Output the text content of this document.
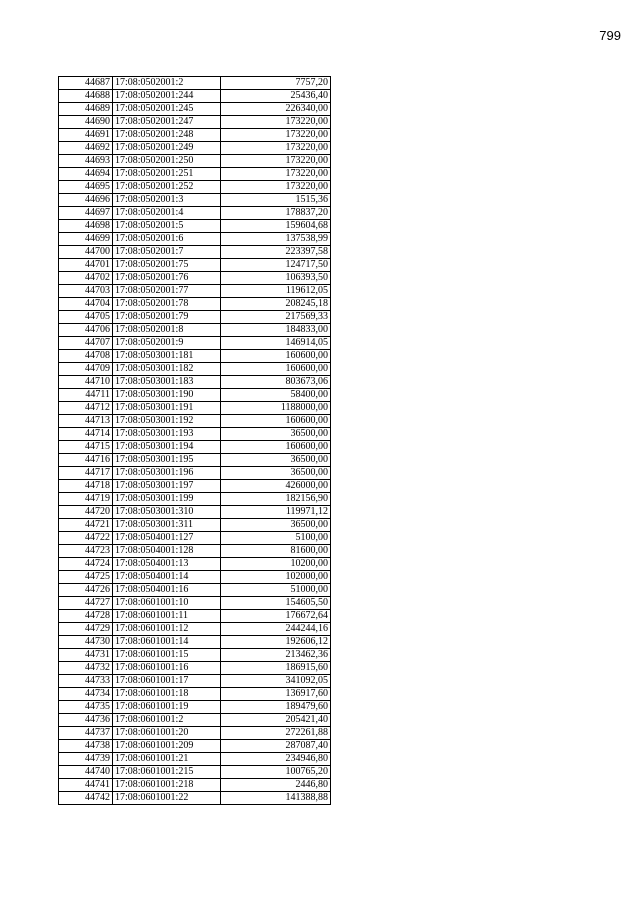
799
44687	17:08:0502001:2	7757,20
44688	17:08:0502001:244	25436,40
44689	17:08:0502001:245	226340,00
44690	17:08:0502001:247	173220,00
44691	17:08:0502001:248	173220,00
44692	17:08:0502001:249	173220,00
44693	17:08:0502001:250	173220,00
44694	17:08:0502001:251	173220,00
44695	17:08:0502001:252	173220,00
44696	17:08:0502001:3	1515,36
44697	17:08:0502001:4	178837,20
44698	17:08:0502001:5	159604,68
44699	17:08:0502001:6	137538,99
44700	17:08:0502001:7	223397,58
44701	17:08:0502001:75	124717,50
44702	17:08:0502001:76	106393,50
44703	17:08:0502001:77	119612,05
44704	17:08:0502001:78	208245,18
44705	17:08:0502001:79	217569,33
44706	17:08:0502001:8	184833,00
44707	17:08:0502001:9	146914,05
44708	17:08:0503001:181	160600,00
44709	17:08:0503001:182	160600,00
44710	17:08:0503001:183	803673,06
44711	17:08:0503001:190	58400,00
44712	17:08:0503001:191	1188000,00
44713	17:08:0503001:192	160600,00
44714	17:08:0503001:193	36500,00
44715	17:08:0503001:194	160600,00
44716	17:08:0503001:195	36500,00
44717	17:08:0503001:196	36500,00
44718	17:08:0503001:197	426000,00
44719	17:08:0503001:199	182156,90
44720	17:08:0503001:310	119971,12
44721	17:08:0503001:311	36500,00
44722	17:08:0504001:127	5100,00
44723	17:08:0504001:128	81600,00
44724	17:08:0504001:13	10200,00
44725	17:08:0504001:14	102000,00
44726	17:08:0504001:16	51000,00
44727	17:08:0601001:10	154605,50
44728	17:08:0601001:11	176672,64
44729	17:08:0601001:12	244244,16
44730	17:08:0601001:14	192606,12
44731	17:08:0601001:15	213462,36
44732	17:08:0601001:16	186915,60
44733	17:08:0601001:17	341092,05
44734	17:08:0601001:18	136917,60
44735	17:08:0601001:19	189479,60
44736	17:08:0601001:2	205421,40
44737	17:08:0601001:20	272261,88
44738	17:08:0601001:209	287087,40
44739	17:08:0601001:21	234946,80
44740	17:08:0601001:215	100765,20
44741	17:08:0601001:218	2446,80
44742	17:08:0601001:22	141388,88
